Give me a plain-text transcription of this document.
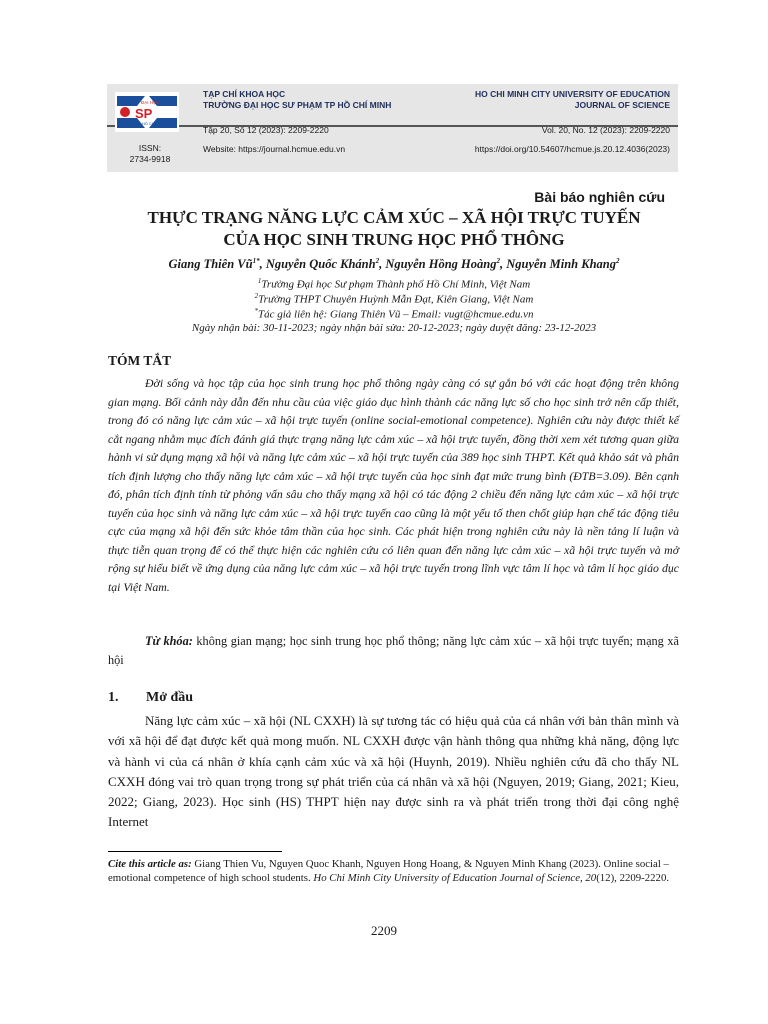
ĐẠI HỌC
SP
TP. HỒ CHÍ MINH
ISSN:
2734-9918
TẠP CHÍ KHOA HỌC
TRƯỜNG ĐẠI HỌC SƯ PHẠM TP HỒ CHÍ MINH
HO CHI MINH CITY UNIVERSITY OF EDUCATION
JOURNAL OF SCIENCE
Tập 20, Số 12 (2023): 2209-2220	Vol. 20, No. 12 (2023): 2209-2220
Website: https://journal.hcmue.edu.vn	https://doi.org/10.54607/hcmue.js.20.12.4036(2023)
Bài báo nghiên cứu
THỰC TRẠNG NĂNG LỰC CẢM XÚC – XÃ HỘI TRỰC TUYẾN
CỦA HỌC SINH TRUNG HỌC PHỔ THÔNG
Giang Thiên $Vũ^{1*}$, Nguyễn Quốc Khánh$^2$, Nguyễn Hồng Hoàng$^2$, Nguyễn Minh Khang$^2$
$^1$Trường Đại học Sư phạm Thành phố Hồ Chí Minh, Việt Nam
$^2$Trường THPT Chuyên Huỳnh Mẫn Đạt, Kiên Giang, Việt Nam
*Tác giả liên hệ: Giang Thiên Vũ – Email: vugt@hcmue.edu.vn
Ngày nhận bài: 30-11-2023; ngày nhận bài sửa: 20-12-2023; ngày duyệt đăng: 23-12-2023
TÓM TẮT
Đời sống và học tập của học sinh trung học phổ thông ngày càng có sự gắn bó với các hoạt động trên không gian mạng. Bối cảnh này dẫn đến nhu cầu của việc giáo dục hình thành các năng lực số cho học sinh trở nên cấp thiết, trong đó có năng lực cảm xúc – xã hội trực tuyến (online social-emotional competence). Nghiên cứu này được thiết kế cắt ngang nhằm mục đích đánh giá thực trạng năng lực cảm xúc – xã hội trực tuyến, đồng thời xem xét tương quan giữa hành vi sử dụng mạng xã hội và năng lực cảm xúc – xã hội trực tuyến của 389 học sinh THPT. Kết quả khảo sát và phân tích định lượng cho thấy năng lực cảm xúc – xã hội trực tuyến của học sinh đạt mức trung bình (ĐTB=3.09). Bên cạnh đó, phân tích định tính từ phỏng vấn sâu cho thấy mạng xã hội có tác động 2 chiều đến năng lực cảm xúc – xã hội trực tuyến của học sinh và năng lực cảm xúc – xã hội trực tuyến cao cũng là một yếu tố then chốt giúp hạn chế tác động tiêu cực của mạng xã hội đến sức khỏe tâm thần của học sinh. Các phát hiện trong nghiên cứu này là nền tảng lí luận và thực tiễn quan trọng để có thể thực hiện các nghiên cứu có liên quan đến năng lực cảm xúc – xã hội trực tuyến và mở rộng sự hiểu biết về ứng dụng của năng lực cảm xúc – xã hội trực tuyến trong lĩnh vực tâm lí học và tâm lí học giáo dục tại Việt Nam.
Từ khóa: không gian mạng; học sinh trung học phổ thông; năng lực cảm xúc – xã hội trực tuyến; mạng xã hội
1. Mở đầu
Năng lực cảm xúc – xã hội (NL CXXH) là sự tương tác có hiệu quả của cá nhân với bản thân mình và với xã hội để đạt được kết quả mong muốn. NL CXXH được vận hành thông qua những khả năng, động lực và hành vi của cá nhân ở khía cạnh cảm xúc và xã hội (Huynh, 2019). Nhiều nghiên cứu đã cho thấy NL CXXH đóng vai trò quan trọng trong sự phát triển của cá nhân và xã hội (Nguyen, 2019; Giang, 2021; Kieu, 2022; Giang, 2023). Học sinh (HS) THPT hiện nay được sinh ra và phát triển trong thời đại công nghệ Internet
Cite this article as: Giang Thien Vu, Nguyen Quoc Khanh, Nguyen Hong Hoang, & Nguyen Minh Khang (2023). Online social – emotional competence of high school students. Ho Chi Minh City University of Education Journal of Science, 20(12), 2209-2220.
2209
